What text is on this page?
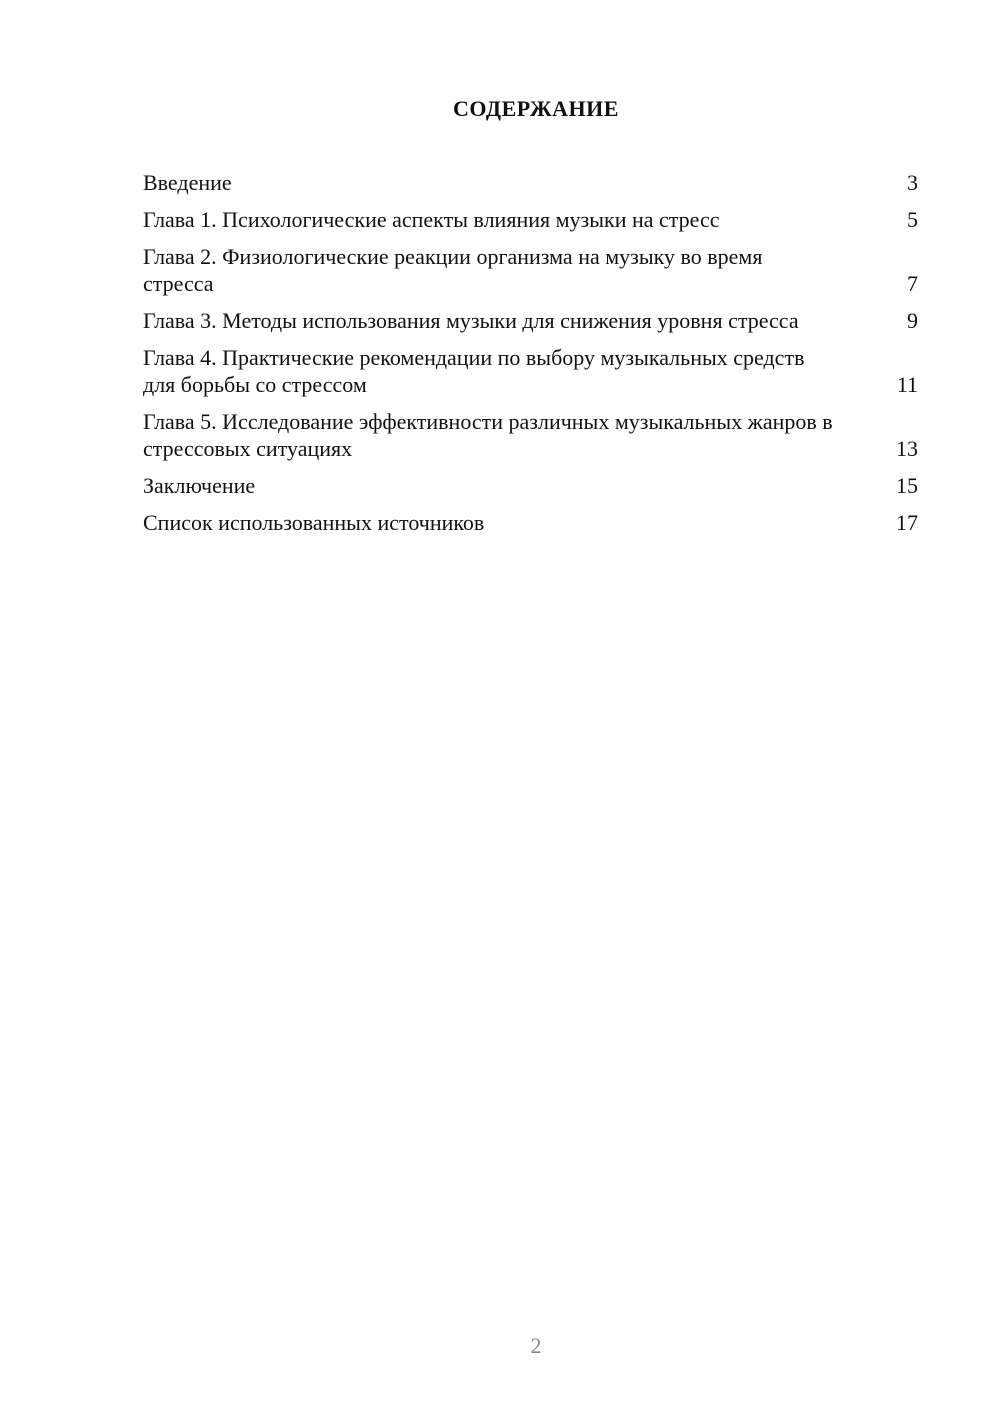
СОДЕРЖАНИЕ
Введение	3
Глава 1. Психологические аспекты влияния музыки на стресс	5
Глава 2. Физиологические реакции организма на музыку во время стресса	7
Глава 3. Методы использования музыки для снижения уровня стресса	9
Глава 4. Практические рекомендации по выбору музыкальных средств для борьбы со стрессом	11
Глава 5. Исследование эффективности различных музыкальных жанров в стрессовых ситуациях	13
Заключение	15
Список использованных источников	17
2
